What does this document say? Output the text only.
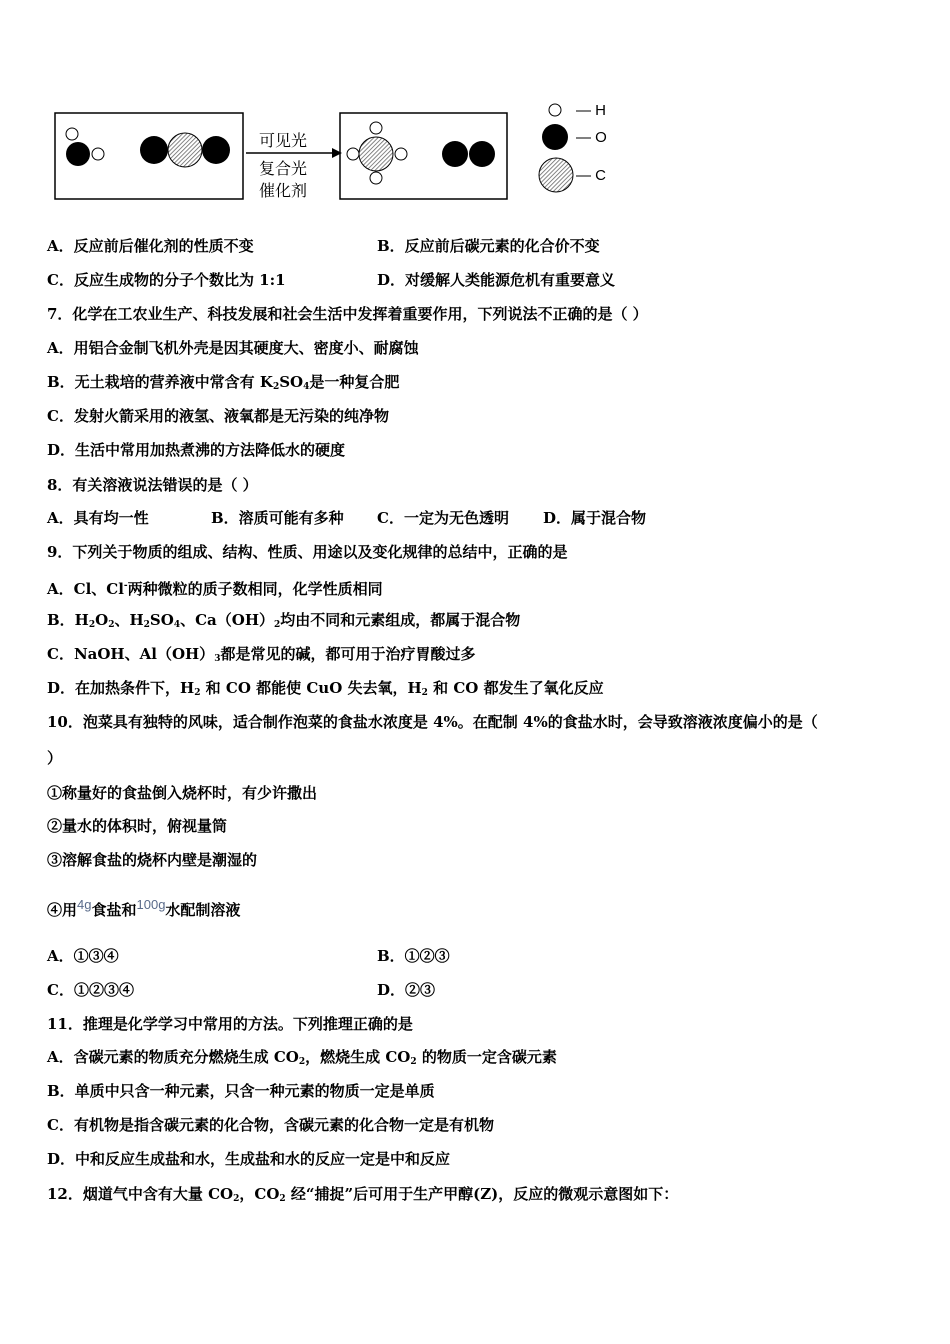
可见光
复合光
催化剂
— H
— O
— C
A．反应前后催化剂的性质不变	B．反应前后碳元素的化合价不变
C．反应生成物的分子个数比为 1:1	D．对缓解人类能源危机有重要意义
7．化学在工农业生产、科技发展和社会生活中发挥着重要作用，下列说法不正确的是（ ）
A．用铝合金制飞机外壳是因其硬度大、密度小、耐腐蚀
B．无土栽培的营养液中常含有 $K_2SO_4$是一种复合肥
C．发射火箭采用的液氢、液氧都是无污染的纯净物
D．生活中常用加热煮沸的方法降低水的硬度
8．有关溶液说法错误的是（ ）
A．具有均一性	B．溶质可能有多种 C．一定为无色透明 D．属于混合物
9．下列关于物质的组成、结构、性质、用途以及变化规律的总结中，正确的是
A．Cl、Cl-两种微粒的质子数相同，化学性质相同
B．$H_2O_2$、$H_2SO_4$、$Ca(OH)_2$均由不同和元素组成，都属于混合物
C．NaOH、$Al(OH)_3$都是常见的碱，都可用于治疗胃酸过多
D．在加热条件下，$H_2$ 和 CO 都能使 CuO 失去氧，$H_2$ 和 CO 都发生了氧化反应
10．泡菜具有独特的风味，适合制作泡菜的食盐水浓度是 4%。在配制 4%的食盐水时，会导致溶液浓度偏小的是（
）
①称量好的食盐倒入烧杯时，有少许撒出
②量水的体积时，俯视量筒
③溶解食盐的烧杯内壁是潮湿的
④用4g食盐和100g水配制溶液
A．①③④	B．①②③
C．①②③④	D．②③
11．推理是化学学习中常用的方法。下列推理正确的是
A．含碳元素的物质充分燃烧生成 $CO_2$，燃烧生成 $CO_2$ 的物质一定含碳元素
B．单质中只含一种元素，只含一种元素的物质一定是单质
C．有机物是指含碳元素的化合物，含碳元素的化合物一定是有机物
D．中和反应生成盐和水，生成盐和水的反应一定是中和反应
12．烟道气中含有大量 $CO_2$，$CO_2$ 经“捕捉”后可用于生产甲醇(Z)，反应的微观示意图如下：
